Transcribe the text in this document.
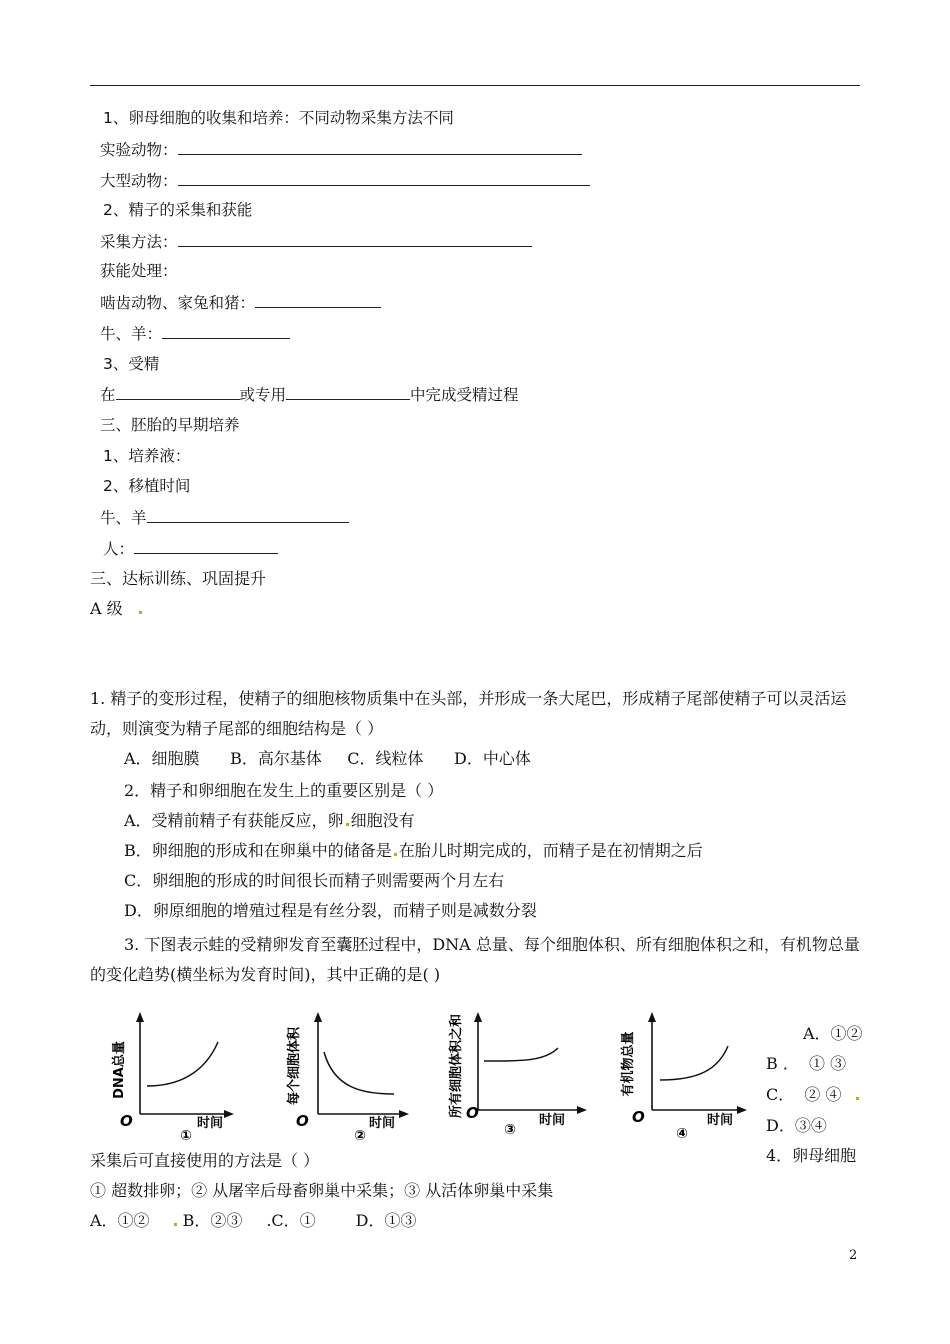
1、卵母细胞的收集和培养：不同动物采集方法不同
实验动物：
大型动物：
2、精子的采集和获能
采集方法：
获能处理：
啮齿动物、家兔和猪：
牛、羊：
3、受精
在	或专用	中完成受精过程
三、胚胎的早期培养
1、培养液：
2、移植时间
牛、羊
人：
三、达标训练、巩固提升
A 级
1. 精子的变形过程，使精子的细胞核物质集中在头部，并形成一条大尾巴，形成精子尾部使精子可以灵活运
动，则演变为精子尾部的细胞结构是（ ）
A．细胞膜      B．高尔基体     C．线粒体      D．中心体
2．精子和卵细胞在发生上的重要区别是（ ）
A．受精前精子有获能反应，卵 细胞没有
B．卵细胞的形成和在卵巢中的储备是 在胎儿时期完成的，而精子是在初情期之后
C．卵细胞的形成的时间很长而精子则需要两个月左右
D．卵原细胞的增殖过程是有丝分裂，而精子则是减数分裂
3. 下图表示蛙的受精卵发育至囊胚过程中，DNA 总量、每个细胞体积、所有细胞体积之和，有机物总量
的变化趋势(横坐标为发育时间)，其中正确的是( )
DNA总量
O	时间
①
每个细胞体积
O	时间
②
所有细胞体积之和 O	时间
③
有机物总量
O	时间
④
A．①②
B ．  ① ③
C．  ② ④
D．③④
4．卵母细胞
采集后可直接使用的方法是（ ）
① 超数排卵；② 从屠宰后母畜卵巢中采集；③ 从活体卵巢中采集
A．①② B．②③ .C．①	D．①③
2
